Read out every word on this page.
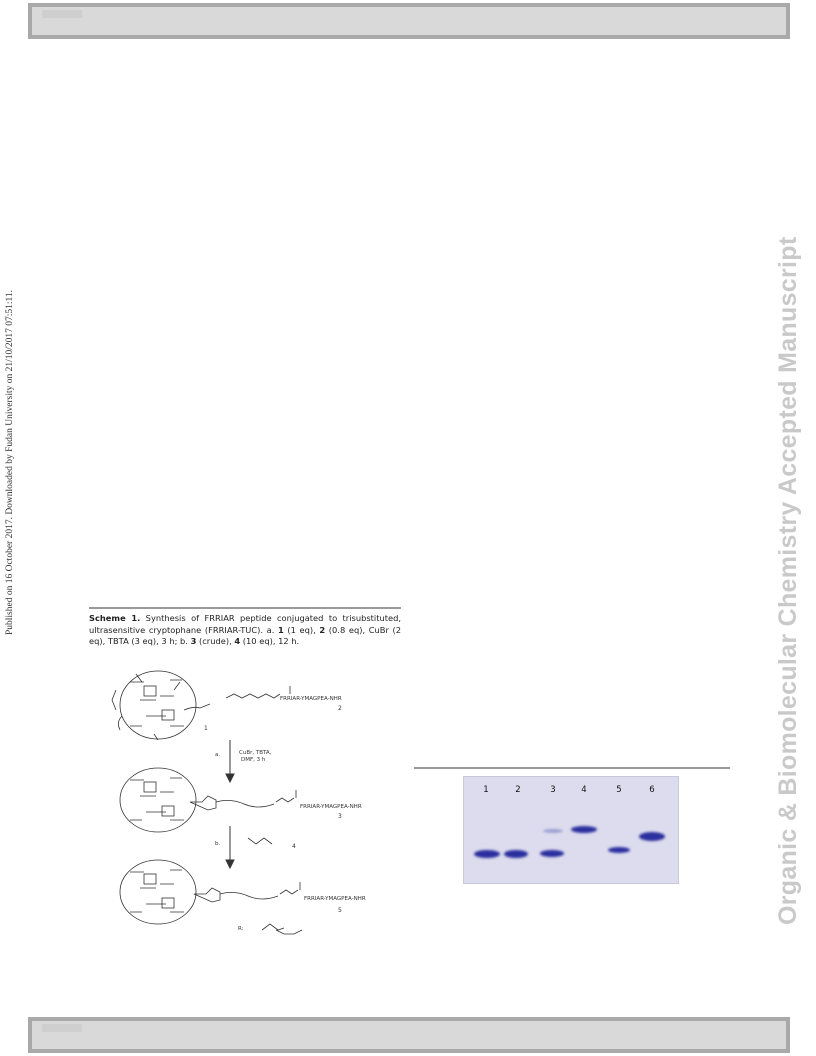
Published on 16 October 2017. Downloaded by Fudan University on 21/10/2017 07:51:11.	Organic & Biomolecular Chemistry Accepted Manuscript
Scheme 1. Synthesis of FRRIAR peptide conjugated to trisubstituted, ultrasensitive cryptophane (FRRIAR-TUC). a. 1 (1 eq), 2 (0.8 eq), CuBr (2 eq), TBTA (3 eq), 3 h; b. 3 (crude), 4 (10 eq), 12 h.
FRRIAR-YMAGPEA-NHR
FRRIAR-YMAGPEA-NHR
FRRIAR-YMAGPEA-NHR
a.	CuBr, TBTA,
DMF, 3 h
b.
R:
1
2
3
4
5
1	2	3	4	5	6
